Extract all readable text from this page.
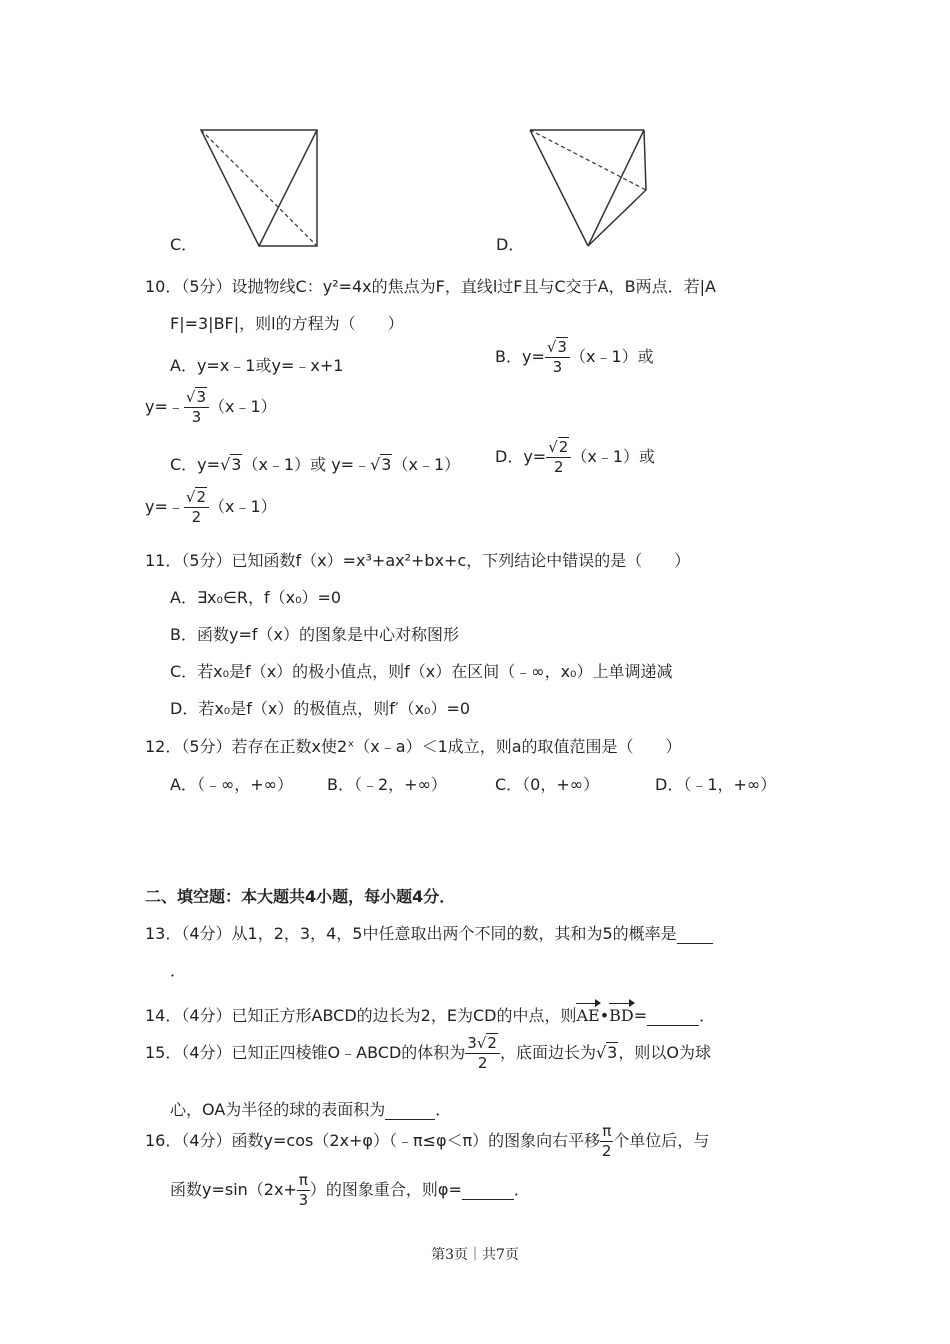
C．	D．
10．（5分）设抛物线C：y²=4x的焦点为F，直线l过F且与C交于A，B两点．若|A
F|=3|BF|，则l的方程为（　　）
A．y=x﹣1或y=﹣x+1	B．$y= \frac{√3}{3}$ （x﹣1）或
y=﹣ $\frac{√3}{3}$ （x﹣1）
C．y=√3（x﹣1）或 y=﹣√3（x﹣1） D．$y= \frac{√2}{2}$ （x﹣1）或
y=﹣ $\frac{√2}{2}$ （x﹣1）
11．（5分）已知函数f（x）=x³+ax²+bx+c，下列结论中错误的是（　　）
A．∃x₀∈R，f（x₀）=0
B．函数y=f（x）的图象是中心对称图形
C．若x₀是f（x）的极小值点，则f（x）在区间（﹣∞，x₀）上单调递减
D．若x₀是f（x）的极值点，则f′（x₀）=0
12．（5分）若存在正数x使2ˣ（x﹣a）＜1成立，则a的取值范围是（　　）
A．（﹣∞，+∞） B．（﹣2，+∞）	C．（0，+∞）	D．（﹣1，+∞）
二、填空题：本大题共4小题，每小题4分．
13．（4分）从1，2，3，4，5中任意取出两个不同的数，其和为5的概率是
．
14．（4分）已知正方形ABCD的边长为2，E为CD的中点，则AE•BD=	．
15．（4分）已知正四棱锥O﹣ABCD的体积为 $\frac{3√2}{2}$ ，底面边长为√3，则以O为球
心，OA为半径的球的表面积为	．
16．（4分）函数y=cos（2x+φ）（﹣π≤φ＜π）的图象向右平移 $\frac{\pi}{2}$ 个单位后，与
函数$y=\sin(2x+ \frac{\pi}{3}$ ）的图象重合，则φ=	．
第3页｜共7页
